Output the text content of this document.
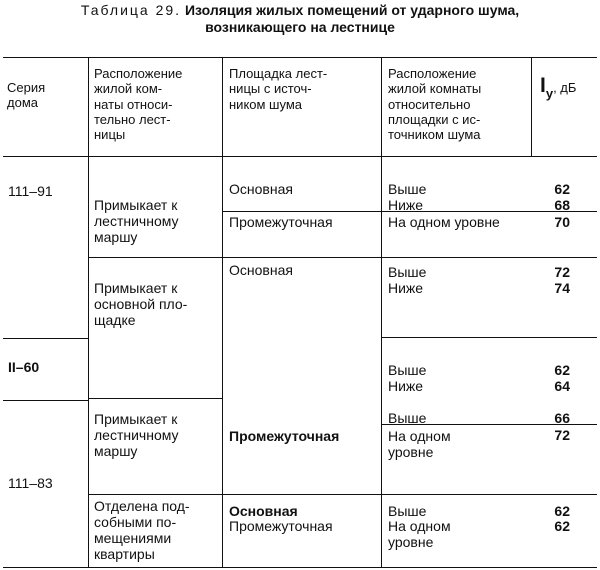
Таблица 29. Изоляция жилых помещений от ударного шума,

возникающего на лестнице

Серия
дома
Расположение
жилой ком-
наты относи-
тельно лест-
ницы
Площадка лест-
ницы с источ-
ником шума
Расположение
жилой комнаты
относительно
площадки с ис-
точником шума
Iу, дБ
111–91
II–60
111–83
Примыкает к
лестничному
маршу
Примыкает к
основной пло-
щадке
Примыкает к
лестничному
маршу
Отделена под-
собными по-
мещениями
квартиры
Основная
Промежуточная
Основная
Промежуточная
Основная
Промежуточная
Выше
Ниже
На одном уровне
Выше
Ниже
Выше
Ниже
Выше
На одном
уровне
Выше
На одном
уровне
62
68
70
72
74
62
64
66
72
62
62
